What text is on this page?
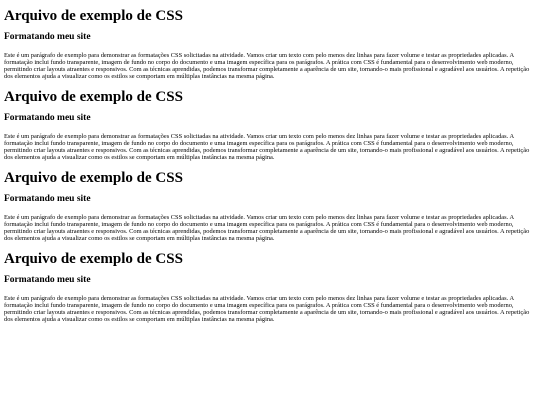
Arquivo de exemplo de CSS
Formatando meu site
Este é um parágrafo de exemplo para demonstrar as formatações CSS solicitadas na atividade. Vamos criar um texto com pelo menos dez linhas para fazer volume e testar as propriedades aplicadas. A formatação inclui fundo transparente, imagem de fundo no corpo do documento e uma imagem específica para os parágrafos. A prática com CSS é fundamental para o desenvolvimento web moderno, permitindo criar layouts atraentes e responsivos. Com as técnicas aprendidas, podemos transformar completamente a aparência de um site, tornando-o mais profissional e agradável aos usuários. A repetição dos elementos ajuda a visualizar como os estilos se comportam em múltiplas instâncias na mesma página.
Arquivo de exemplo de CSS
Formatando meu site
Este é um parágrafo de exemplo para demonstrar as formatações CSS solicitadas na atividade. Vamos criar um texto com pelo menos dez linhas para fazer volume e testar as propriedades aplicadas. A formatação inclui fundo transparente, imagem de fundo no corpo do documento e uma imagem específica para os parágrafos. A prática com CSS é fundamental para o desenvolvimento web moderno, permitindo criar layouts atraentes e responsivos. Com as técnicas aprendidas, podemos transformar completamente a aparência de um site, tornando-o mais profissional e agradável aos usuários. A repetição dos elementos ajuda a visualizar como os estilos se comportam em múltiplas instâncias na mesma página.
Arquivo de exemplo de CSS
Formatando meu site
Este é um parágrafo de exemplo para demonstrar as formatações CSS solicitadas na atividade. Vamos criar um texto com pelo menos dez linhas para fazer volume e testar as propriedades aplicadas. A formatação inclui fundo transparente, imagem de fundo no corpo do documento e uma imagem específica para os parágrafos. A prática com CSS é fundamental para o desenvolvimento web moderno, permitindo criar layouts atraentes e responsivos. Com as técnicas aprendidas, podemos transformar completamente a aparência de um site, tornando-o mais profissional e agradável aos usuários. A repetição dos elementos ajuda a visualizar como os estilos se comportam em múltiplas instâncias na mesma página.
Arquivo de exemplo de CSS
Formatando meu site
Este é um parágrafo de exemplo para demonstrar as formatações CSS solicitadas na atividade. Vamos criar um texto com pelo menos dez linhas para fazer volume e testar as propriedades aplicadas. A formatação inclui fundo transparente, imagem de fundo no corpo do documento e uma imagem específica para os parágrafos. A prática com CSS é fundamental para o desenvolvimento web moderno, permitindo criar layouts atraentes e responsivos. Com as técnicas aprendidas, podemos transformar completamente a aparência de um site, tornando-o mais profissional e agradável aos usuários. A repetição dos elementos ajuda a visualizar como os estilos se comportam em múltiplas instâncias na mesma página.
